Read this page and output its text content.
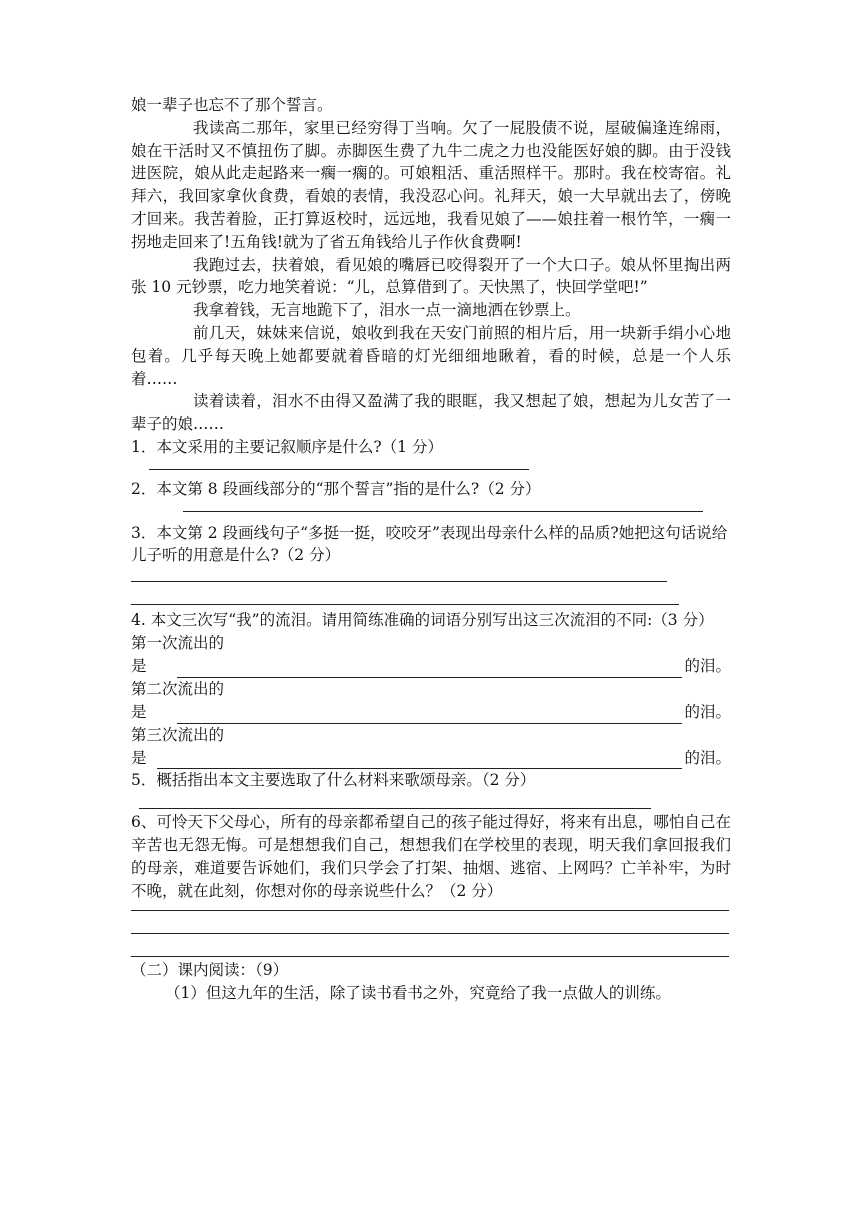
娘一辈子也忘不了那个誓言。

我读高二那年，家里已经穷得丁当响。欠了一屁股债不说，屋破偏逢连绵雨，娘在干活时又不慎扭伤了脚。赤脚医生费了九牛二虎之力也没能医好娘的脚。由于没钱进医院，娘从此走起路来一瘸一瘸的。可娘粗活、重活照样干。那时。我在校寄宿。礼拜六，我回家拿伙食费，看娘的表情，我没忍心问。礼拜天，娘一大早就出去了，傍晚才回来。我苦着脸，正打算返校时，远远地，我看见娘了——娘拄着一根竹竿，一瘸一拐地走回来了!五角钱!就为了省五角钱给儿子作伙食费啊!

我跑过去，扶着娘，看见娘的嘴唇已咬得裂开了一个大口子。娘从怀里掏出两张 10 元钞票，吃力地笑着说：“儿，总算借到了。天快黑了，快回学堂吧!”

我拿着钱，无言地跪下了，泪水一点一滴地洒在钞票上。

前几天，妹妹来信说，娘收到我在天安门前照的相片后，用一块新手绢小心地包着。几乎每天晚上她都要就着昏暗的灯光细细地瞅着，看的时候，总是一个人乐着……

读着读着，泪水不由得又盈满了我的眼眶，我又想起了娘，想起为儿女苦了一辈子的娘……

1．本文采用的主要记叙顺序是什么?（1 分）

2．本文第 8 段画线部分的“那个誓言”指的是什么?（2 分）

3．本文第 2 段画线句子“多挺一挺，咬咬牙”表现出母亲什么样的品质?她把这句话说给儿子听的用意是什么?（2 分）

4. 本文三次写“我”的流泪。请用简练准确的词语分别写出这三次流泪的不同:（3 分）

第一次流出的

是	的泪。

第二次流出的

是	的泪。

第三次流出的

是	的泪。

5．概括指出本文主要选取了什么材料来歌颂母亲。（2 分）

6、可怜天下父母心，所有的母亲都希望自己的孩子能过得好，将来有出息，哪怕自己在辛苦也无怨无悔。可是想想我们自己，想想我们在学校里的表现，明天我们拿回报我们的母亲，难道要告诉她们，我们只学会了打架、抽烟、逃宿、上网吗？亡羊补牢，为时不晚，就在此刻，你想对你的母亲说些什么？（2 分）

（二）课内阅读：（9）

（1）但这九年的生活，除了读书看书之外，究竟给了我一点做人的训练。
